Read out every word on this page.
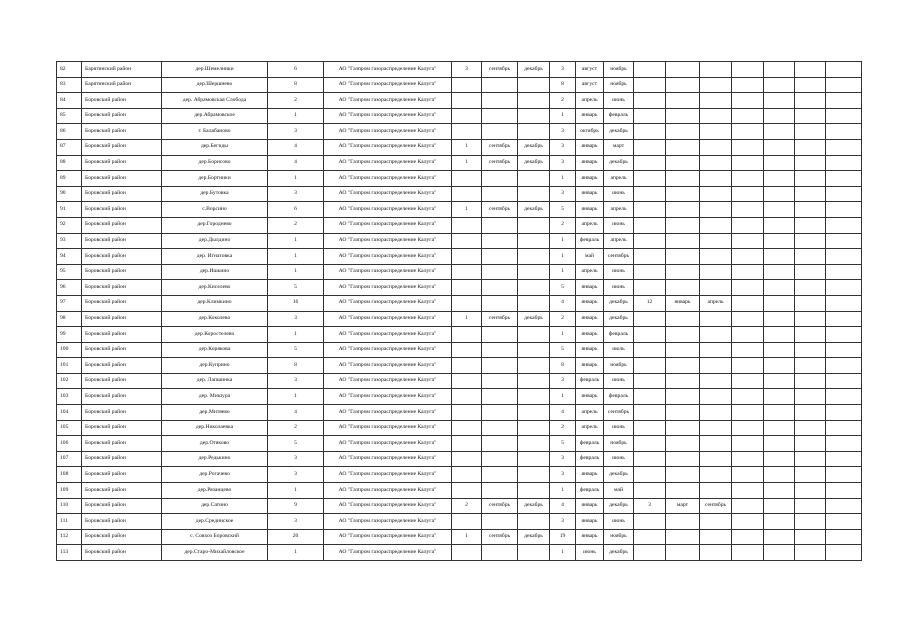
82	Барятинский район	дер.Шемелинки	6	АО "Газпром газораспределение Калуга"	3	сентябрь	декабрь	3	август	ноябрь							
83	Барятинский район	дер.Шершнево	8	АО "Газпром газораспределение Калуга"				8	август	ноябрь							
84	Боровский район	дер. Абрамовская Слобода	2	АО "Газпром газораспределение Калуга"				2	апрель	июнь							
85	Боровский район	дер.Абрамовское	1	АО "Газпром газораспределение Калуга"				1	январь	февраль							
86	Боровский район	г. Балабаново	3	АО "Газпром газораспределение Калуга"				3	октябрь	декабрь							
87	Боровский район	дер.Бегиды	4	АО "Газпром газораспределение Калуга"	1	сентябрь	декабрь	3	январь	март							
88	Боровский район	дер.Борисово	4	АО "Газпром газораспределение Калуга"	1	сентябрь	декабрь	3	январь	декабрь							
89	Боровский район	дер.Бортники	1	АО "Газпром газораспределение Калуга"				1	январь	апрель							
90	Боровский район	дер.Бутовка	3	АО "Газпром газораспределение Калуга"				3	январь	июнь							
91	Боровский район	с.Ворсино	6	АО "Газпром газораспределение Калуга"	1	сентябрь	декабрь	5	январь	апрель							
92	Боровский район	дер.Городнево	2	АО "Газпром газораспределение Калуга"				2	апрель	июнь							
93	Боровский район	дер.Дылдино	1	АО "Газпром газораспределение Калуга"				1	февраль	апрель							
94	Боровский район	дер. Игнатовка	1	АО "Газпром газораспределение Калуга"				1	май	сентябрь							
95	Боровский район	дер.Ишкино	1	АО "Газпром газораспределение Калуга"				1	апрель	июнь							
96	Боровский район	дер.Киселево	5	АО "Газпром газораспределение Калуга"				5	январь	июнь							
97	Боровский район	дер.Климкино	16	АО "Газпром газораспределение Калуга"				4	январь	декабрь	12	январь	апрель				
98	Боровский район	дер.Коколево	3	АО "Газпром газораспределение Калуга"	1	сентябрь	декабрь	2	январь	декабрь							
99	Боровский район	дер.Коростелево	1	АО "Газпром газораспределение Калуга"				1	январь	февраль							
100	Боровский район	дер.Корякова	5	АО "Газпром газораспределение Калуга"				5	январь	июль							
101	Боровский район	дер.Куприно	8	АО "Газпром газораспределение Калуга"				8	январь	ноябрь							
102	Боровский район	дер. Лапшинка	3	АО "Газпром газораспределение Калуга"				3	февраль	июнь							
103	Боровский район	дер. Мишура	1	АО "Газпром газораспределение Калуга"				1	январь	февраль							
104	Боровский район	дер.Митяево	4	АО "Газпром газораспределение Калуга"				4	апрель	сентябрь							
105	Боровский район	дер.Николаевка	2	АО "Газпром газораспределение Калуга"				2	апрель	июнь							
106	Боровский район	дер.Отяково	5	АО "Газпром газораспределение Калуга"				5	февраль	ноябрь							
107	Боровский район	дер.Редькино	3	АО "Газпром газораспределение Калуга"				3	февраль	июнь							
108	Боровский район	дер.Рогачево	3	АО "Газпром газораспределение Калуга"				3	январь	декабрь							
109	Боровский район	дер.Рязанцево	1	АО "Газпром газораспределение Калуга"				1	февраль	май							
110	Боровский район	дер.Сатино	9	АО "Газпром газораспределение Калуга"	2	сентябрь	декабрь	4	январь	декабрь	3	март	сентябрь				
111	Боровский район	дер.Срединское	3	АО "Газпром газораспределение Калуга"				3	январь	июнь							
112	Боровский район	с. Совхоз Боровский	20	АО "Газпром газораспределение Калуга"	1	сентябрь	декабрь	19	январь	ноябрь							
113	Боровский район	дер.Старо-Михайловское	1	АО "Газпром газораспределение Калуга"				1	июнь	декабрь							
